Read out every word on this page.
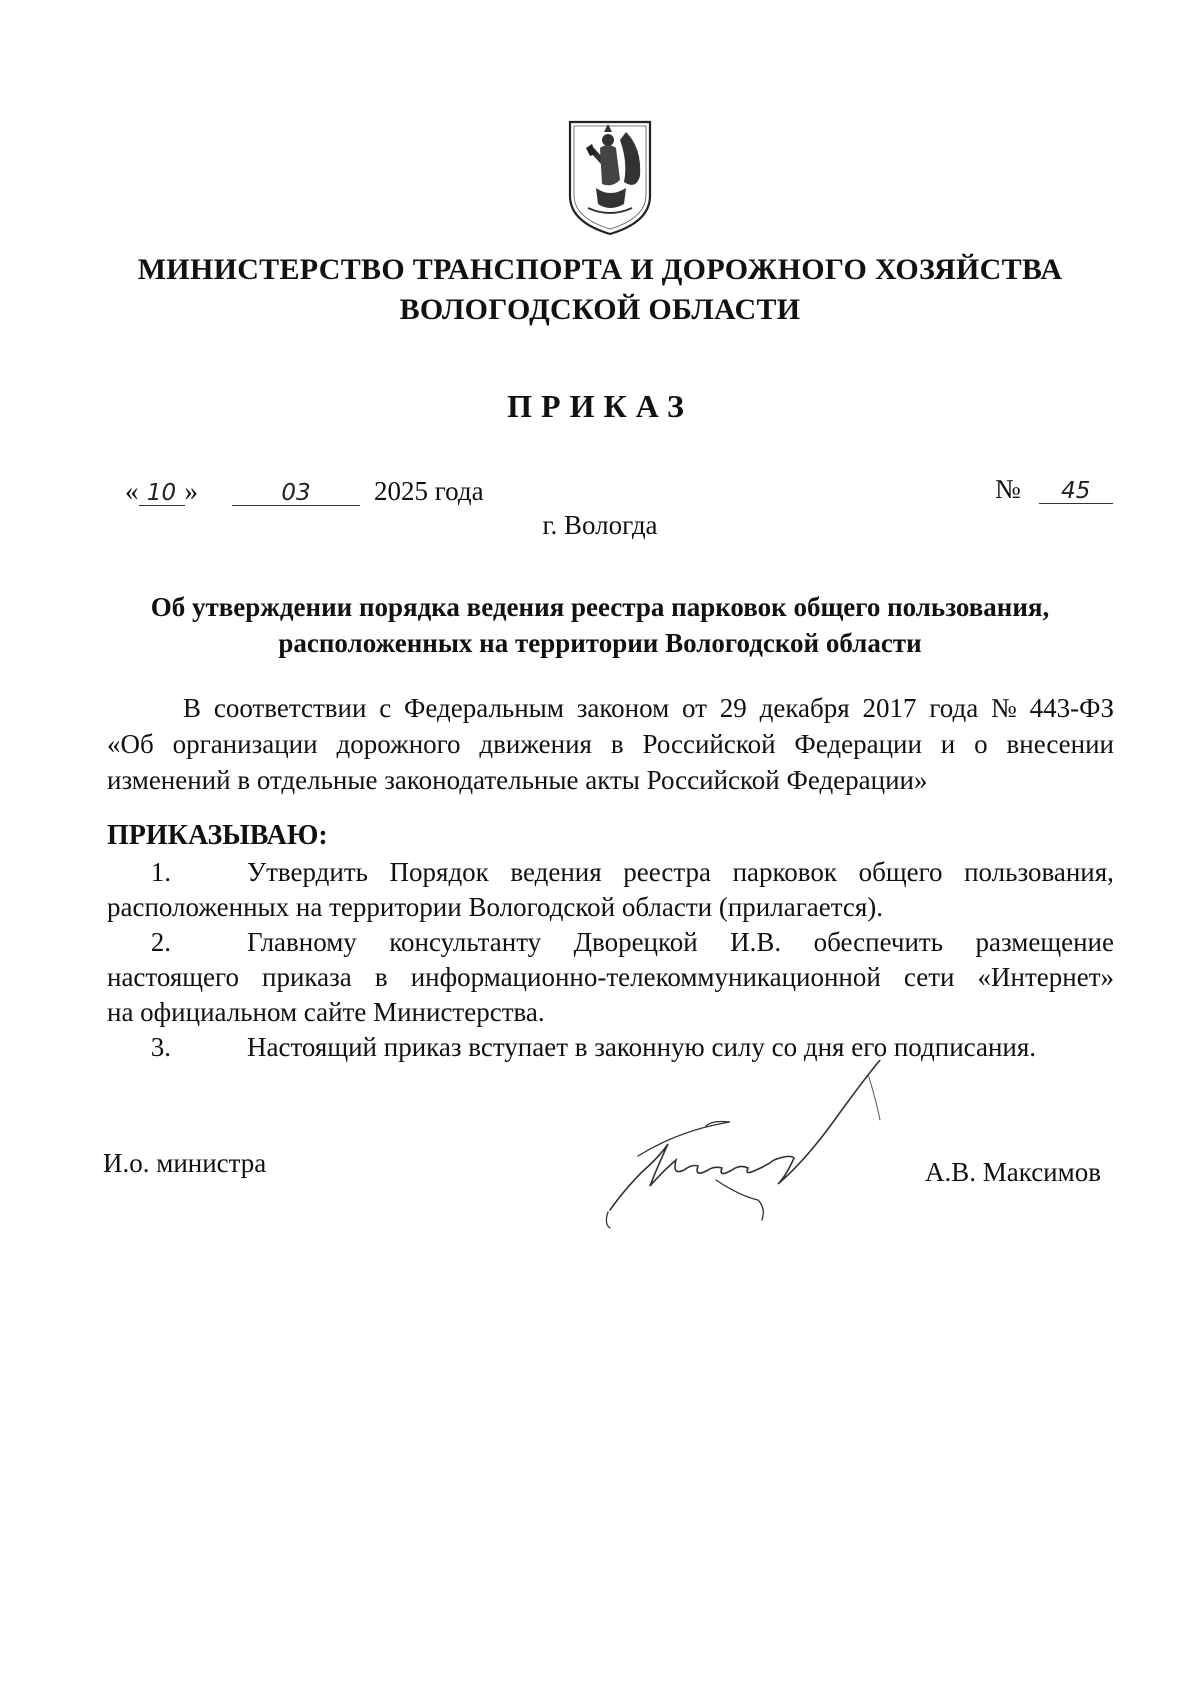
МИНИСТЕРСТВО ТРАНСПОРТА И ДОРОЖНОГО ХОЗЯЙСТВА
ВОЛОГОДСКОЙ ОБЛАСТИ
ПРИКАЗ
« 10 »	03 2025 года	№ 45
г. Вологда
Об утверждении порядка ведения реестра парковок общего пользования,
расположенных на территории Вологодской области
В соответствии с Федеральным законом от 29 декабря 2017 года № 443-ФЗ
«Об организации дорожного движения в Российской Федерации и о внесении
изменений в отдельные законодательные акты Российской Федерации»
ПРИКАЗЫВАЮ:
1.	Утвердить Порядок ведения реестра парковок общего пользования,
расположенных на территории Вологодской области (прилагается).
2.	Главному консультанту Дворецкой И.В. обеспечить размещение
настоящего приказа в информационно-телекоммуникационной сети «Интернет»
на официальном сайте Министерства.
3.	Настоящий приказ вступает в законную силу со дня его подписания.
И.о. министра	А.В. Максимов
